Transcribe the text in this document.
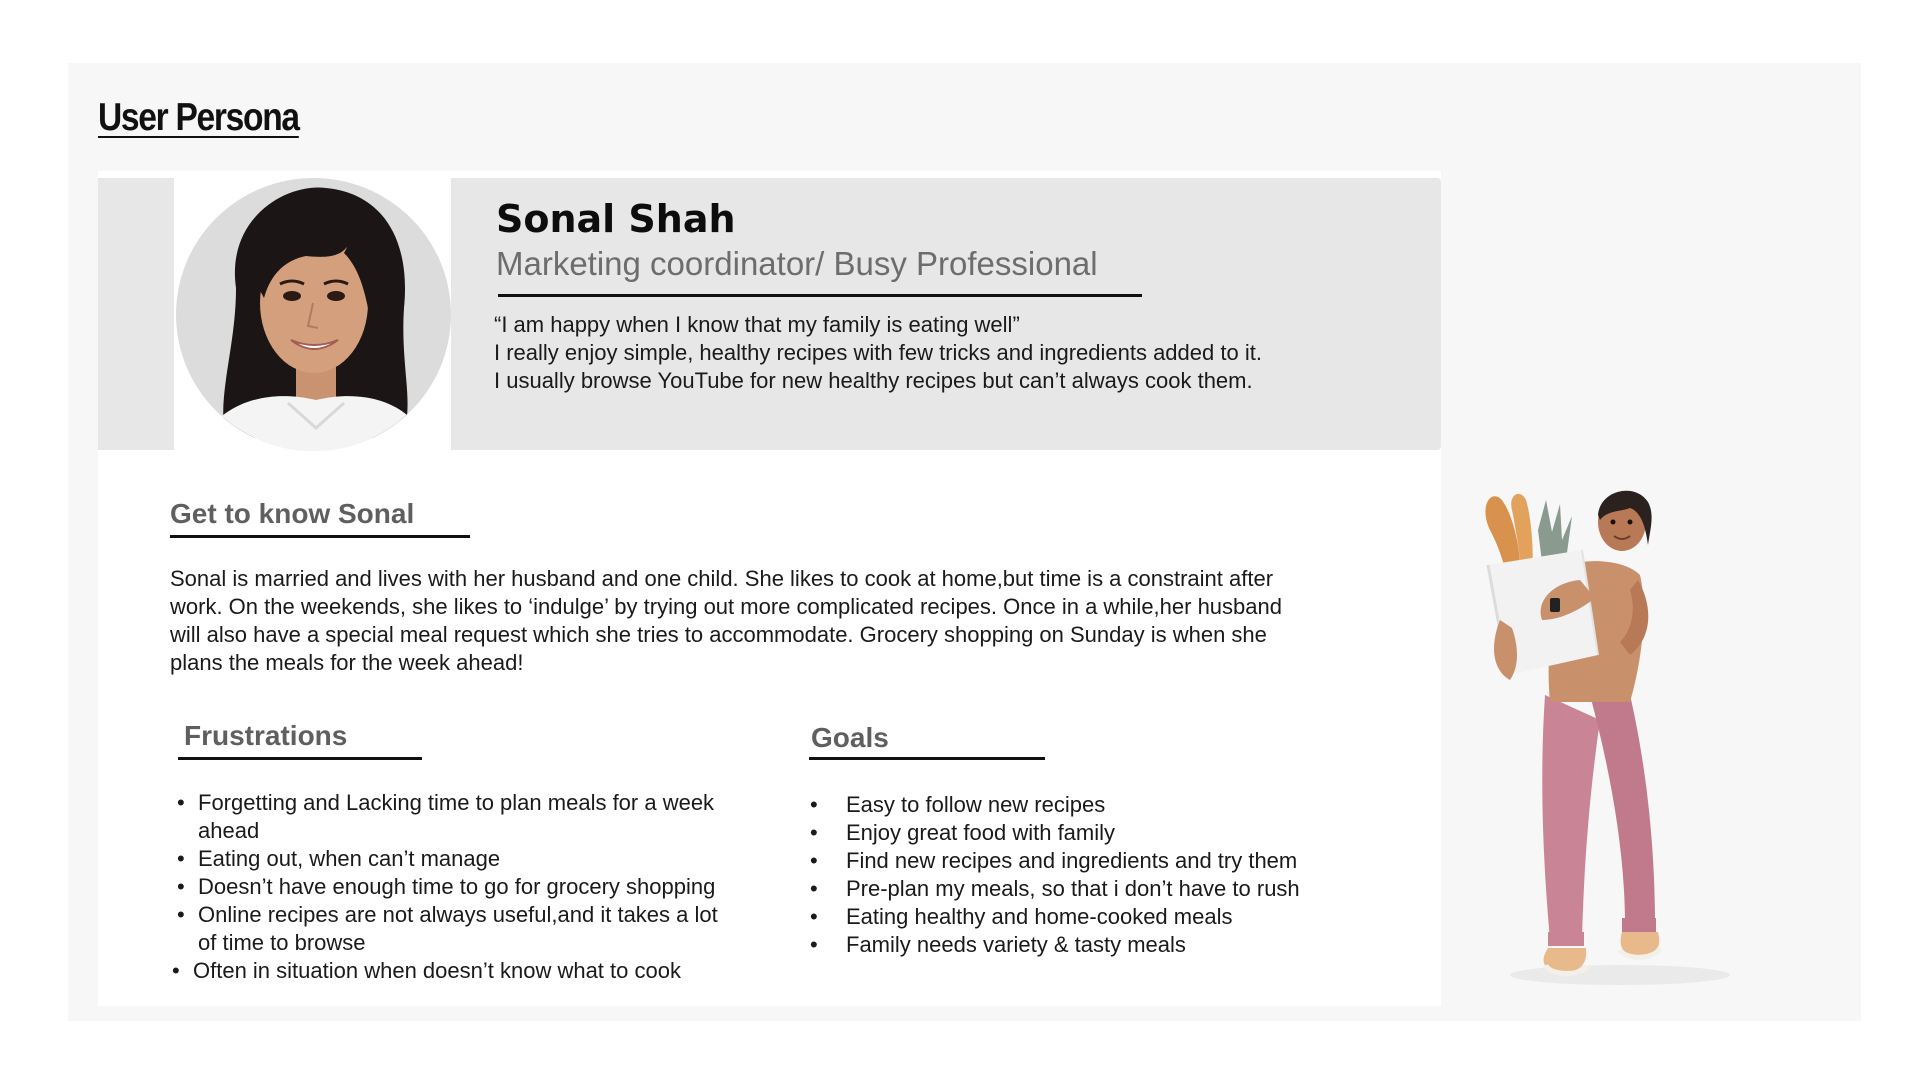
User Persona
Sonal Shah
Marketing coordinator/ Busy Professional
“I am happy when I know that my family is eating well”
I really enjoy simple, healthy recipes with few tricks and ingredients added to it.
I usually browse YouTube for new healthy recipes but can’t always cook them.
Get to know Sonal
Sonal is married and lives with her husband and one child. She likes to cook at home,but time is a constraint after
work. On the weekends, she likes to ‘indulge’ by trying out more complicated recipes. Once in a while,her husband
will also have a special meal request which she tries to accommodate. Grocery shopping on Sunday is when she
plans the meals for the week ahead!
Frustrations
• Forgetting and Lacking time to plan meals for a week ahead
• Eating out, when can’t manage
• Doesn’t have enough time to go for grocery shopping
• Online recipes are not always useful,and it takes a lot of time to browse
• Often in situation when doesn’t know what to cook
Goals
• Easy to follow new recipes
• Enjoy great food with family
• Find new recipes and ingredients and try them
• Pre-plan my meals, so that i don’t have to rush
• Eating healthy and home-cooked meals
• Family needs variety & tasty meals
